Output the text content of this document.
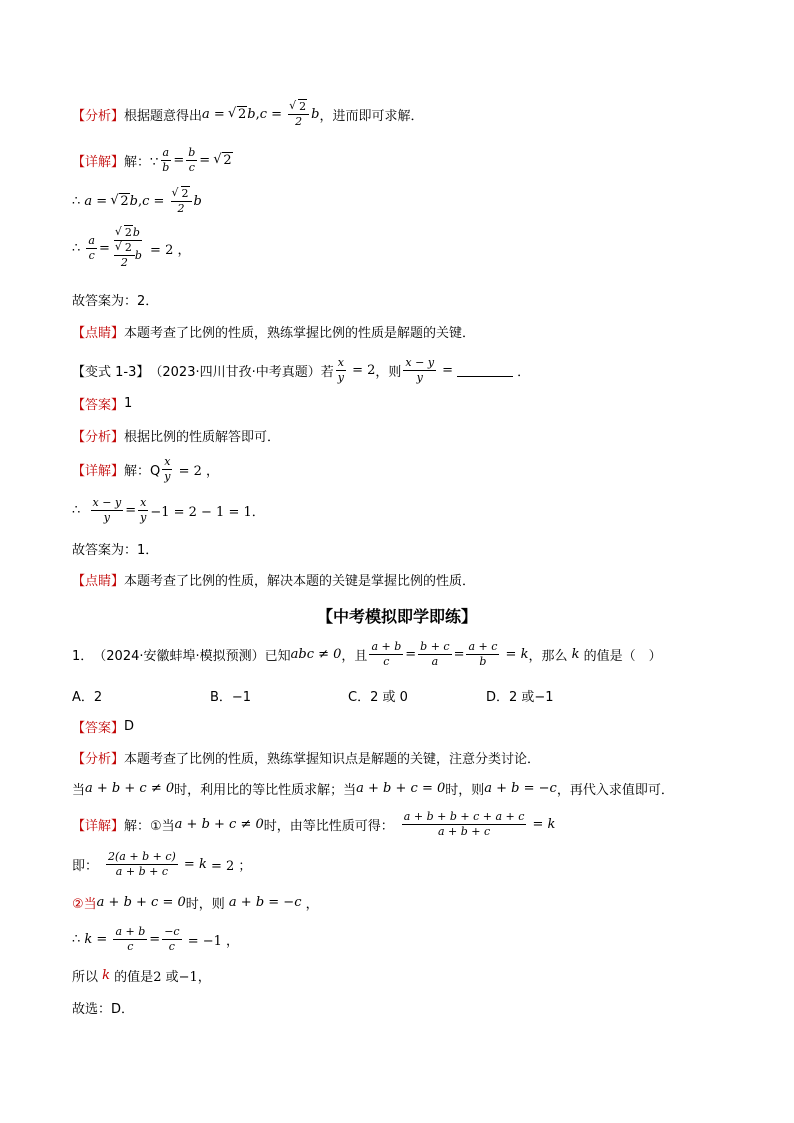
【分析】 根据题意得出 a = √ 2 b , c = √ $\frac{2}{2}$ b ，进而即可求解．
【详解】 解：∵ $\frac{a}{b} = \frac{b}{c}$ = √ 2
∴ a = √ 2 b , c = √ $\frac{2}{2}$ b
∴ $\frac{a}{c}$ = √ 2b
√ $\frac{2}{2}$ b = 2 ，
故答案为：2．
【点睛】 本题考查了比例的性质，熟练掌握比例的性质是解题的关键．
【变式 1-3】 （2023·四川甘孜·中考真题）若 $\frac{x}{y} = 2$ ，则 $\frac{x - y}{y}$ =	．
【答案】 1
【分析】 根据比例的性质解答即可．
【详解】 解：Q $\frac{x}{y} = 2$ ，
∴ $\frac{x - y}{y} = \frac{x}{y} -1 = 2 - 1 = 1$．
故答案为：1．
【点睛】 本题考查了比例的性质，解决本题的关键是掌握比例的性质．
【中考模拟即学即练】
1． （2024·安徽蚌埠·模拟预测）已知 abc ≠ 0 ，且 $\frac{a + b}{c} = \frac{b + c}{a} = \frac{a + c}{b} = k$ ，那么 k 的值是（　）
A．2	B．−1	C．2 或 0	D．2 或−1
【答案】 D
【分析】 本题考查了比例的性质，熟练掌握知识点是解题的关键，注意分类讨论．
当 a + b + c ≠ 0 时，利用比的等比性质求解；当 a + b + c = 0 时，则 a + b = −c ，再代入求值即可．
【详解】 解：①当 a + b + c ≠ 0 时，由等比性质可得： $\frac{a + b + b + c + a + c}{a + b + c} = k$
即： $\frac{2(a + b + c)}{a + b + c} = k = 2$ ；
②当 a + b + c = 0 时，则 a + b = −c ，
∴ $k = \frac{a + b}{c} = \frac{-c}{c} = -1$ ，
所以 k 的值是 2 或−1，
故选：D．
